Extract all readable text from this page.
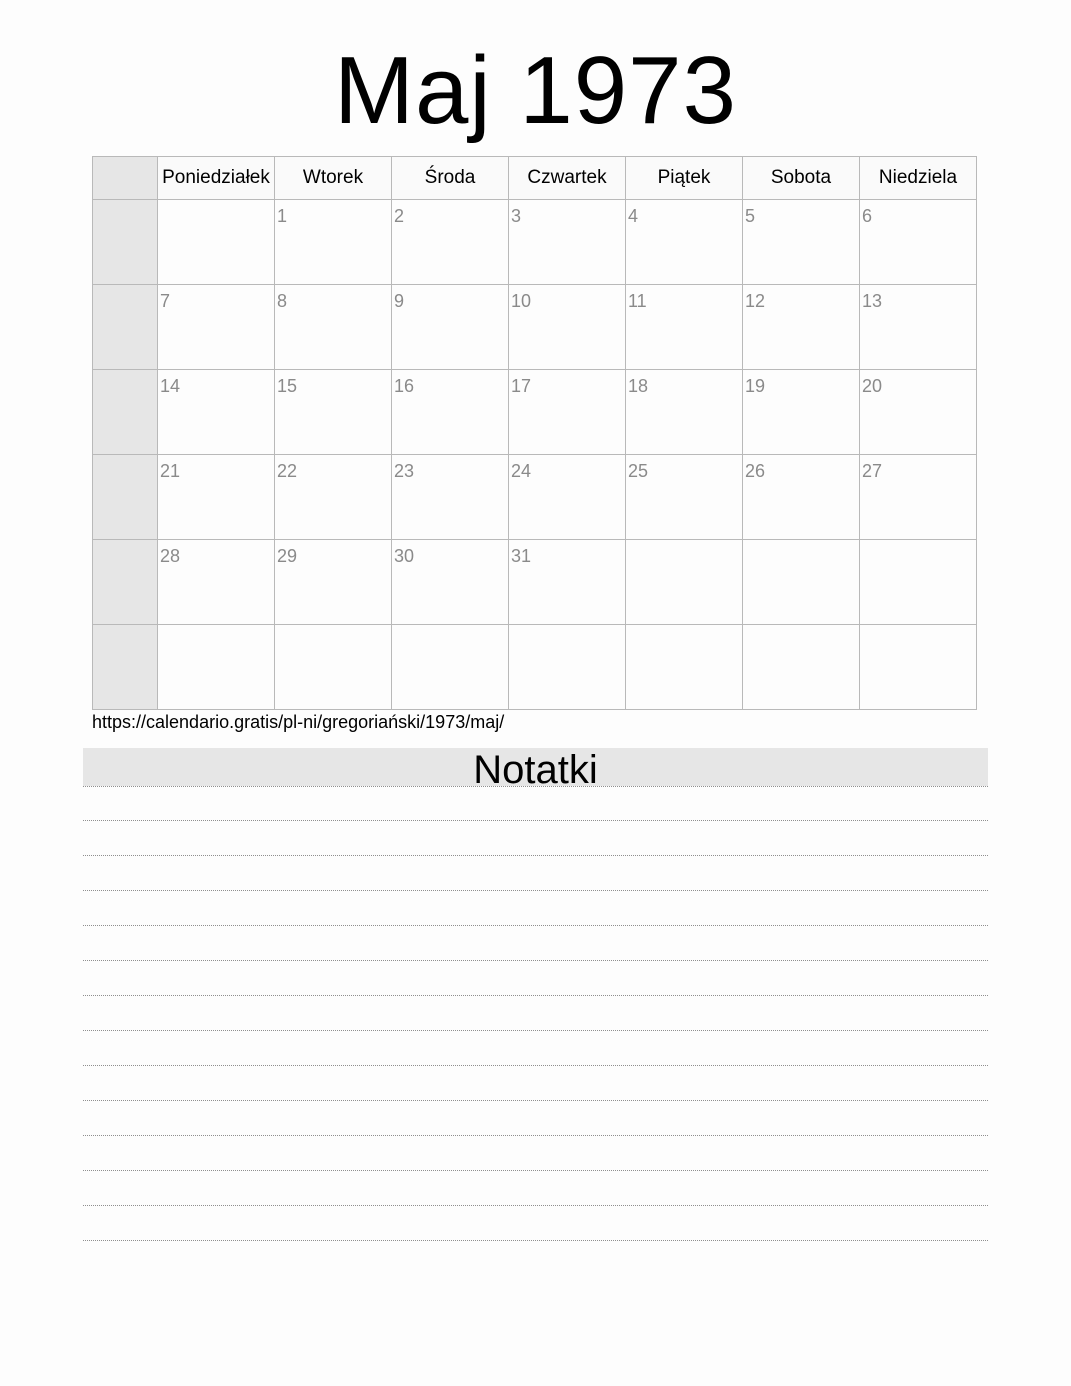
Maj 1973
	Poniedziałek	Wtorek	Środa	Czwartek	Piątek	Sobota	Niedziela

		1	2	3	4	5	6

	7	8	9	10	11	12	13

	14	15	16	17	18	19	20

	21	22	23	24	25	26	27

	28	29	30	31			

https://calendario.gratis/pl-ni/gregoriański/1973/maj/
Notatki
